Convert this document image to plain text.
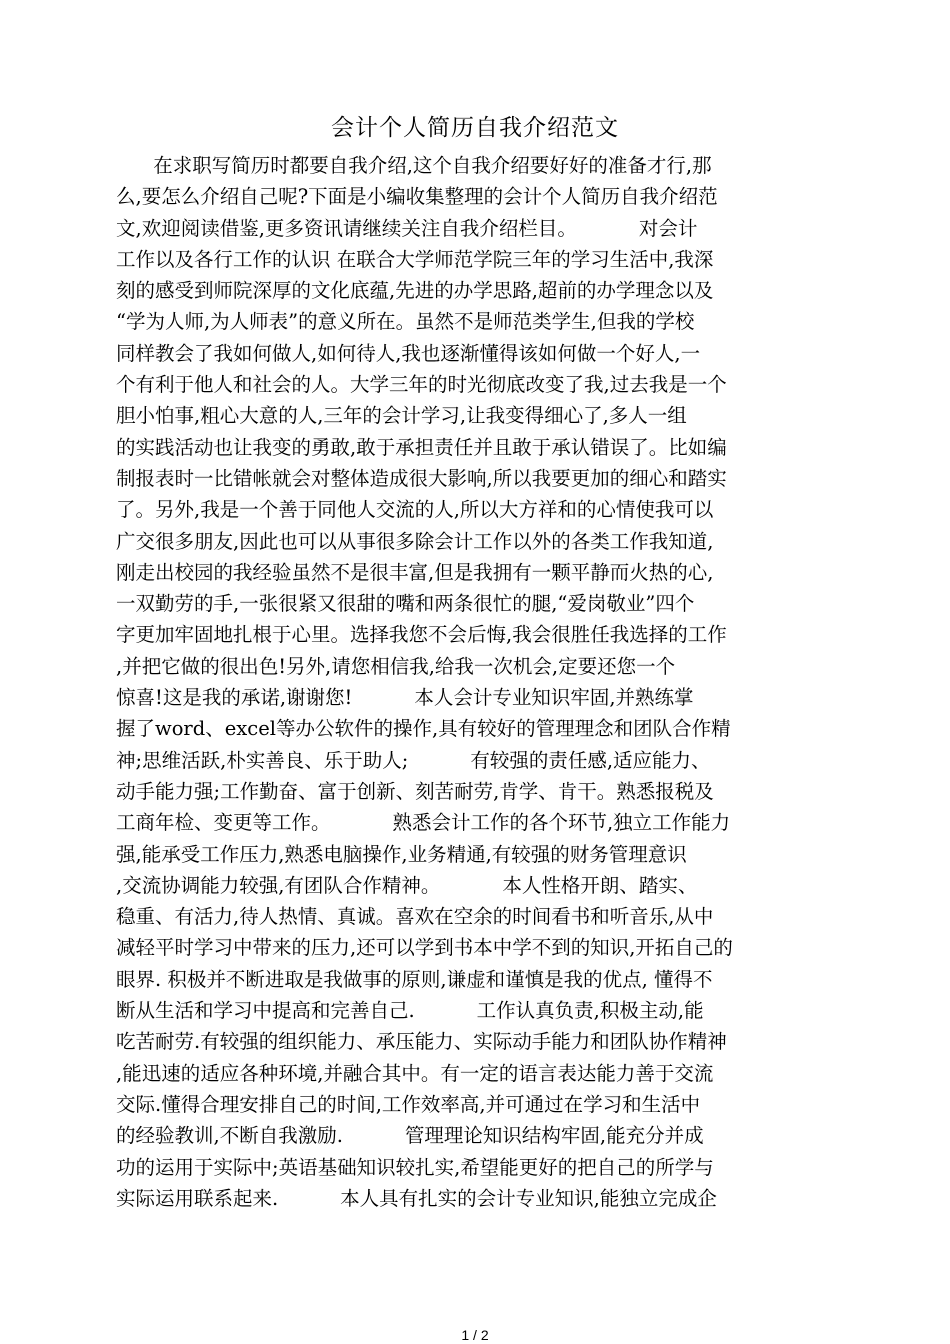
会计个人简历自我介绍范文
在求职写简历时都要自我介绍,这个自我介绍要好好的准备才行,那
么,要怎么介绍自己呢?下面是小编收集整理的会计个人简历自我介绍范
文,欢迎阅读借鉴,更多资讯请继续关注自我介绍栏目。          对会计
工作以及各行工作的认识 在联合大学师范学院三年的学习生活中,我深
刻的感受到师院深厚的文化底蕴,先进的办学思路,超前的办学理念以及
“学为人师,为人师表”的意义所在。虽然不是师范类学生,但我的学校
同样教会了我如何做人,如何待人,我也逐渐懂得该如何做一个好人,一
个有利于他人和社会的人。大学三年的时光彻底改变了我,过去我是一个
胆小怕事,粗心大意的人,三年的会计学习,让我变得细心了,多人一组
的实践活动也让我变的勇敢,敢于承担责任并且敢于承认错误了。比如编
制报表时一比错帐就会对整体造成很大影响,所以我要更加的细心和踏实
了。另外,我是一个善于同他人交流的人,所以大方祥和的心情使我可以
广交很多朋友,因此也可以从事很多除会计工作以外的各类工作我知道,
刚走出校园的我经验虽然不是很丰富,但是我拥有一颗平静而火热的心,
一双勤劳的手,一张很紧又很甜的嘴和两条很忙的腿,“爱岗敬业”四个
字更加牢固地扎根于心里。选择我您不会后悔,我会很胜任我选择的工作
,并把它做的很出色!另外,请您相信我,给我一次机会,定要还您一个
惊喜!这是我的承诺,谢谢您!          本人会计专业知识牢固,并熟练掌
握了word、excel等办公软件的操作,具有较好的管理理念和团队合作精
神;思维活跃,朴实善良、乐于助人;          有较强的责任感,适应能力、
动手能力强;工作勤奋、富于创新、刻苦耐劳,肯学、肯干。熟悉报税及
工商年检、变更等工作。          熟悉会计工作的各个环节,独立工作能力
强,能承受工作压力,熟悉电脑操作,业务精通,有较强的财务管理意识
,交流协调能力较强,有团队合作精神。          本人性格开朗、踏实、
稳重、有活力,待人热情、真诚。喜欢在空余的时间看书和听音乐,从中
减轻平时学习中带来的压力,还可以学到书本中学不到的知识,开拓自己的
眼界. 积极并不断进取是我做事的原则,谦虚和谨慎是我的优点, 懂得不
断从生活和学习中提高和完善自己.          工作认真负责,积极主动,能
吃苦耐劳.有较强的组织能力、承压能力、实际动手能力和团队协作精神
,能迅速的适应各种环境,并融合其中。有一定的语言表达能力善于交流
交际.懂得合理安排自己的时间,工作效率高,并可通过在学习和生活中
的经验教训,不断自我激励.          管理理论知识结构牢固,能充分并成
功的运用于实际中;英语基础知识较扎实,希望能更好的把自己的所学与
实际运用联系起来.          本人具有扎实的会计专业知识,能独立完成企
1 / 2
